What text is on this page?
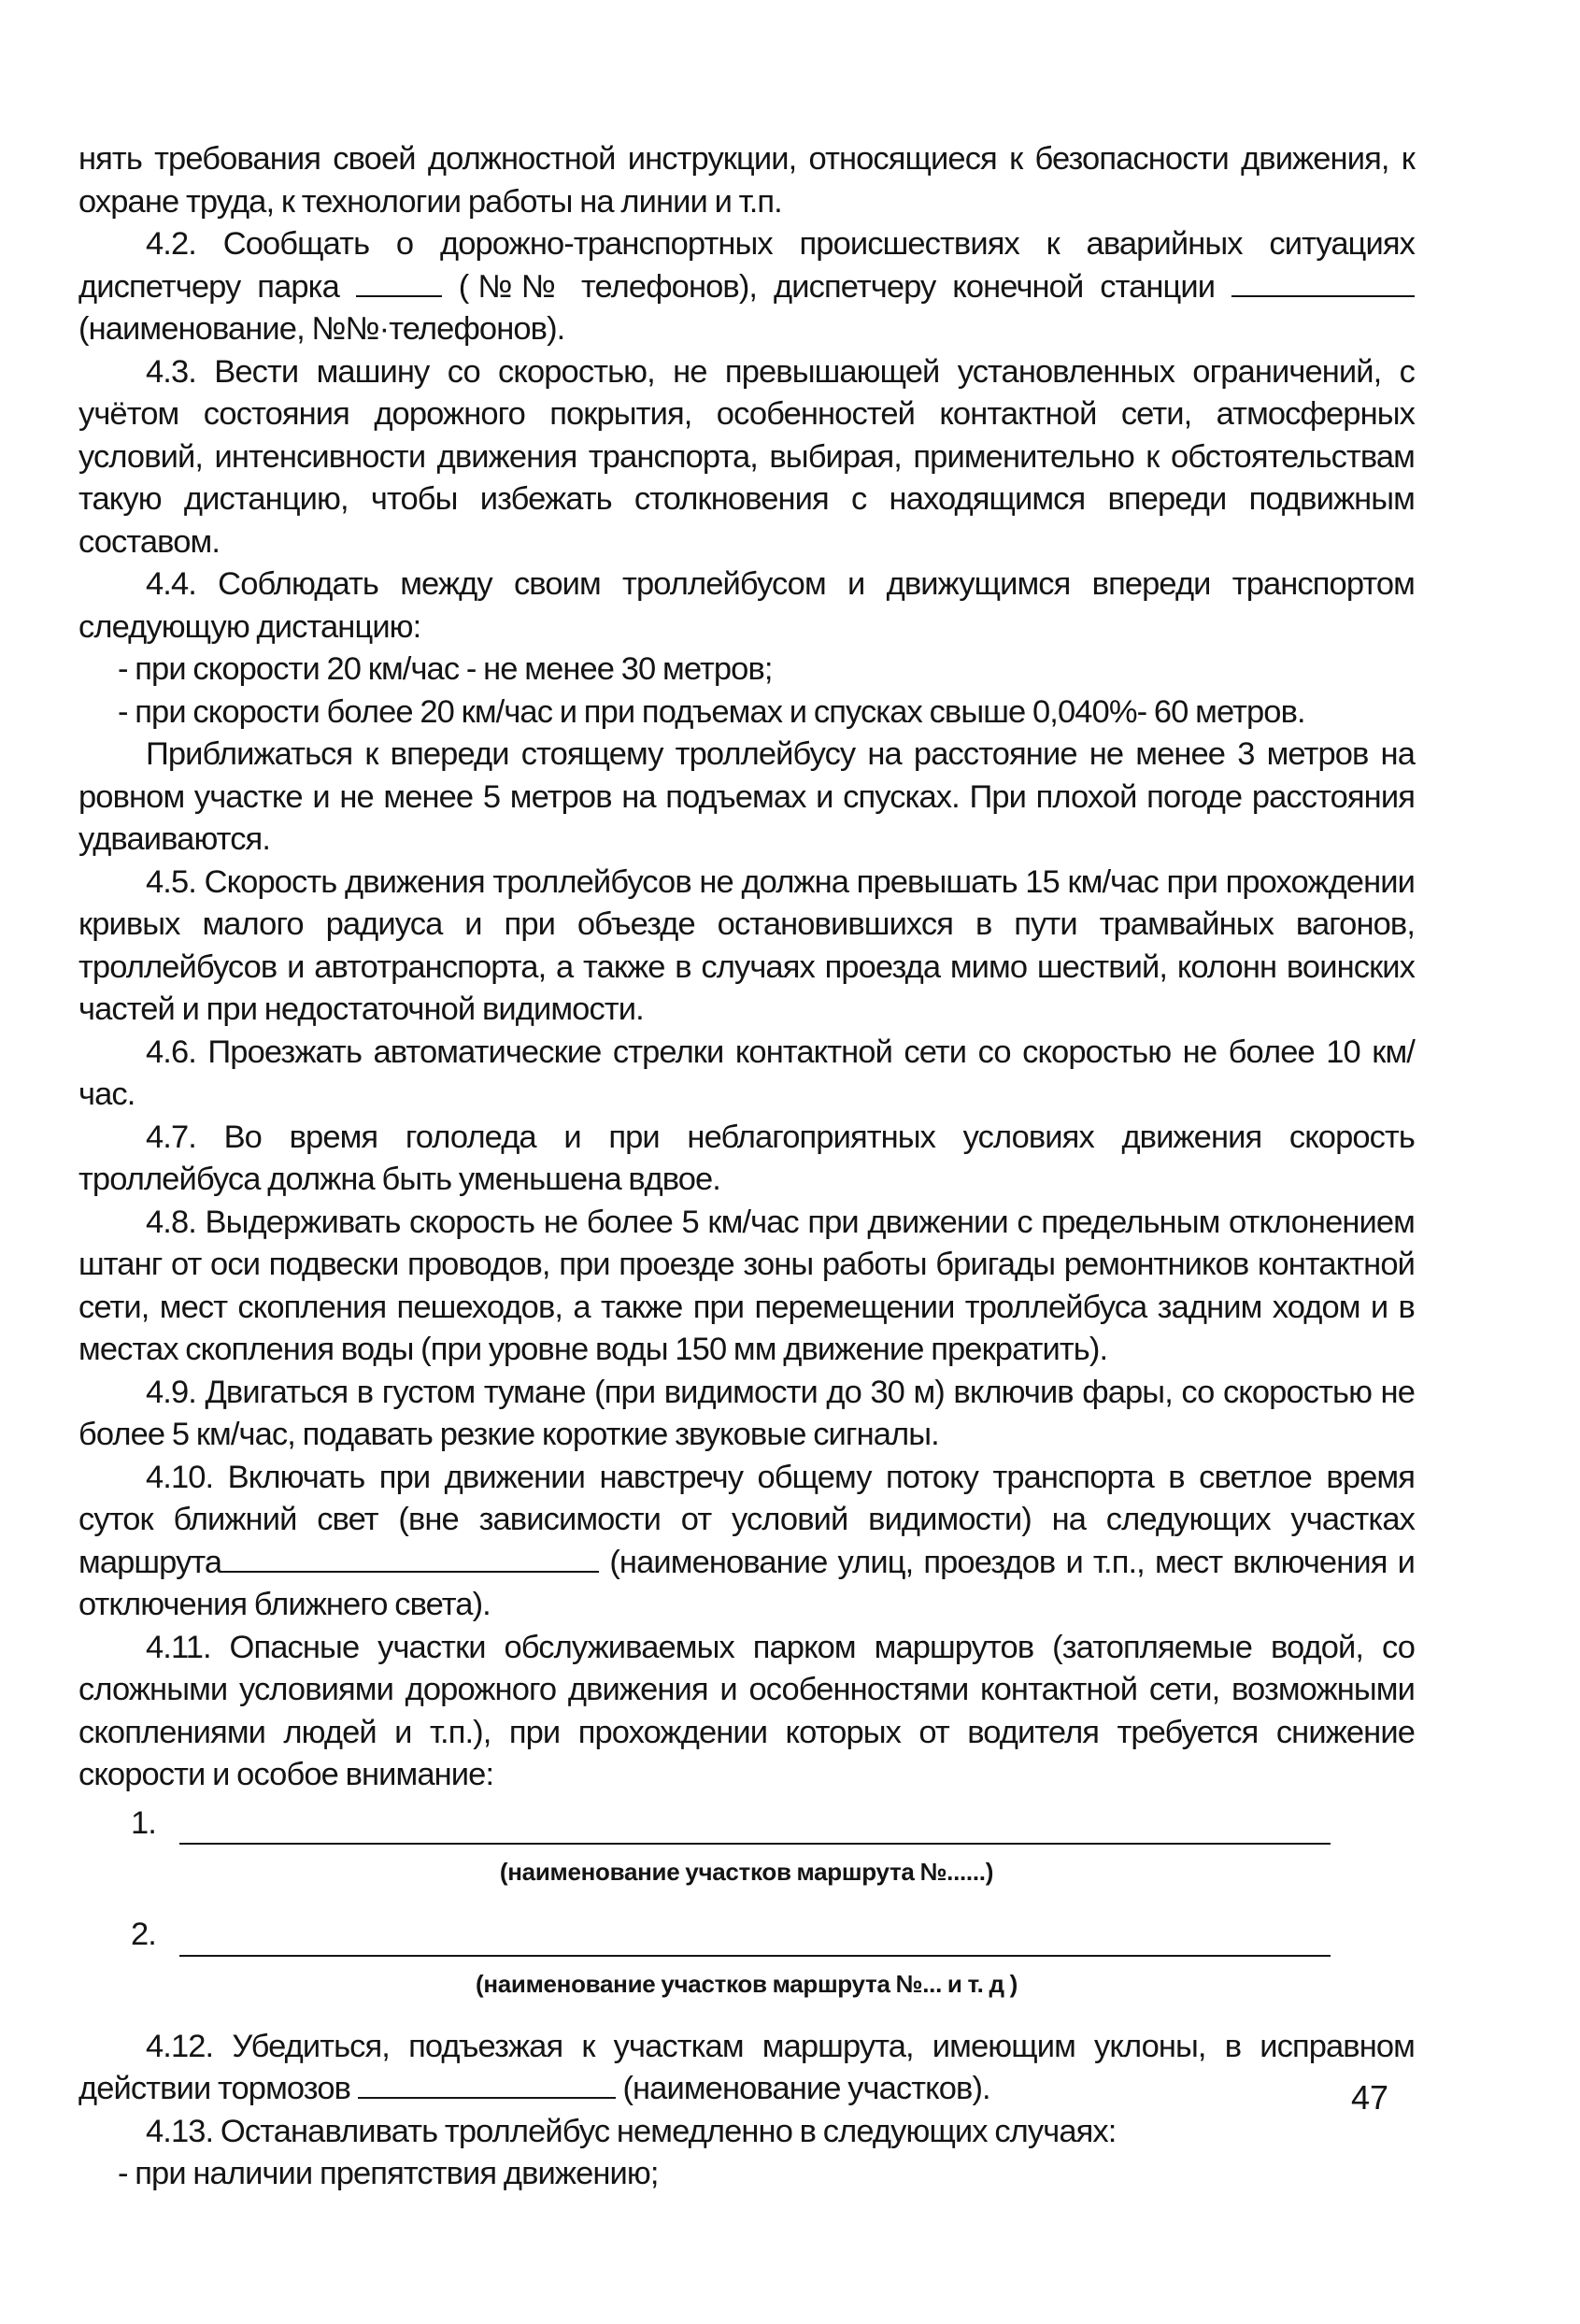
нять требования своей должностной инструкции, относящиеся к безопасности движения, к охране труда, к технологии работы на линии и т.п.

4.2. Сообщать о дорожно-транспортных происшествиях к аварийных ситуациях диспетчеру парка	(№№ телефонов), диспетчеру конечной станции  (наименование, №№·телефонов).

4.3. Вести машину со скоростью, не превышающей установленных ограничений, с учётом состояния дорожного покрытия, особенностей контактной сети, атмосферных условий, интенсивности движения транспорта, выбирая, применительно к обстоятельствам такую дистанцию, чтобы избежать столкновения с находящимся впереди подвижным составом.

4.4. Соблюдать между своим троллейбусом и движущимся впереди транспортом следующую дистанцию:

- при скорости 20 км/час - не менее 30 метров;

- при скорости более 20 км/час и при подъемах и спусках свыше 0,040%- 60 метров.

Приближаться к впереди стоящему троллейбусу на расстояние не менее 3 метров на ровном участке и не менее 5 метров на подъемах и спусках. При плохой погоде расстояния удваиваются.

4.5. Скорость движения троллейбусов не должна превышать 15 км/час при прохождении кривых малого радиуса и при объезде остановившихся в пути трамвайных вагонов, троллейбусов и автотранспорта, а также в случаях проезда мимо шествий, колонн воинских частей и при недостаточной видимости.

4.6. Проезжать автоматические стрелки контактной сети со скоростью не более 10 км/час.

4.7. Во время гололеда и при неблагоприятных условиях движения скорость троллейбуса должна быть уменьшена вдвое.

4.8. Выдерживать скорость не более 5 км/час при движении с предельным отклонением штанг от оси подвески проводов, при проезде зоны работы бригады ремонтников контактной сети, мест скопления пешеходов, а также при перемещении троллейбуса задним ходом и в местах скопления воды (при уровне воды 150 мм движение прекратить).

4.9. Двигаться в густом тумане (при видимости до 30 м) включив фары, со скоростью не более 5 км/час, подавать резкие короткие звуковые сигналы.

4.10. Включать при движении навстречу общему потоку транспорта в светлое время суток ближний свет (вне зависимости от условий видимости) на следующих участках маршрута	(наименование улиц, проездов и т.п., мест включения и отключения ближнего света).

4.11. Опасные участки обслуживаемых парком маршрутов (затопляемые водой, со сложными условиями дорожного движения и особенностями контактной сети, возможными скоплениями людей и т.п.), при прохождении которых от водителя требуется снижение скорости и особое внимание:

1.
(наименование участков маршрута №......)
2.
(наименование участков маршрута №... и т. д )

4.12. Убедиться, подъезжая к участкам маршрута, имеющим уклоны, в исправном действии тормозов	(наименование участков).

4.13. Останавливать троллейбус немедленно в следующих случаях:

- при наличии препятствия движению;

47
